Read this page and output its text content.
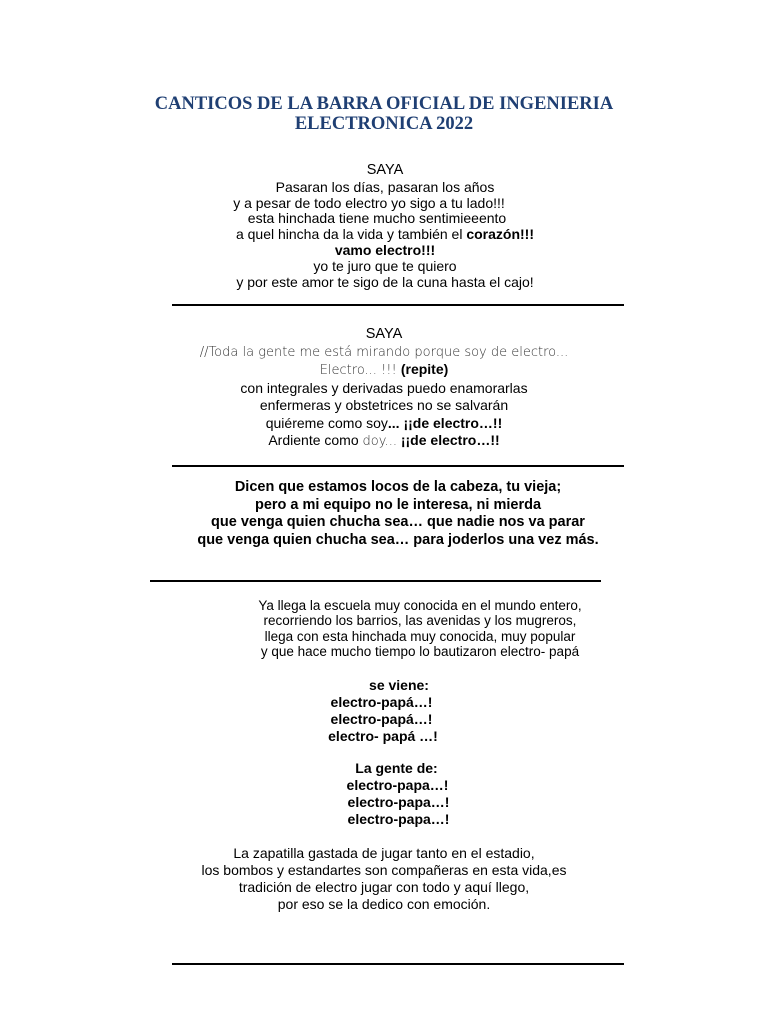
CANTICOS DE LA BARRA OFICIAL DE INGENIERIA
ELECTRONICA 2022
SAYA
Pasaran los días, pasaran los años
y a pesar de todo electro yo sigo a tu lado!!!
esta hinchada tiene mucho sentimieeento
a quel hincha da la vida y también el corazón!!!
vamo electro!!!
yo te juro que te quiero
y por este amor te sigo de la cuna hasta el cajo!
SAYA
//Toda la gente me está mirando porque soy de electro...
Electro... !!! (repite)
con integrales y derivadas puedo enamorarlas
enfermeras y obstetrices no se salvarán
quiéreme como soy... ¡¡de electro…!!
Ardiente como doy... ¡¡de electro…!!
Dicen que estamos locos de la cabeza, tu vieja;
pero a mi equipo no le interesa, ni mierda
que venga quien chucha sea… que nadie nos va parar
que venga quien chucha sea… para joderlos una vez más.
Ya llega la escuela muy conocida en el mundo entero,
recorriendo los barrios, las avenidas y los mugreros,
llega con esta hinchada muy conocida, muy popular
y que hace mucho tiempo lo bautizaron electro- papá
se viene:
electro-papá…!
electro-papá…!
electro- papá …!
La gente de:
electro-papa…!
electro-papa…!
electro-papa…!
La zapatilla gastada de jugar tanto en el estadio,
los bombos y estandartes son compañeras en esta vida,es
tradición de electro jugar con todo y aquí llego,
por eso se la dedico con emoción.
